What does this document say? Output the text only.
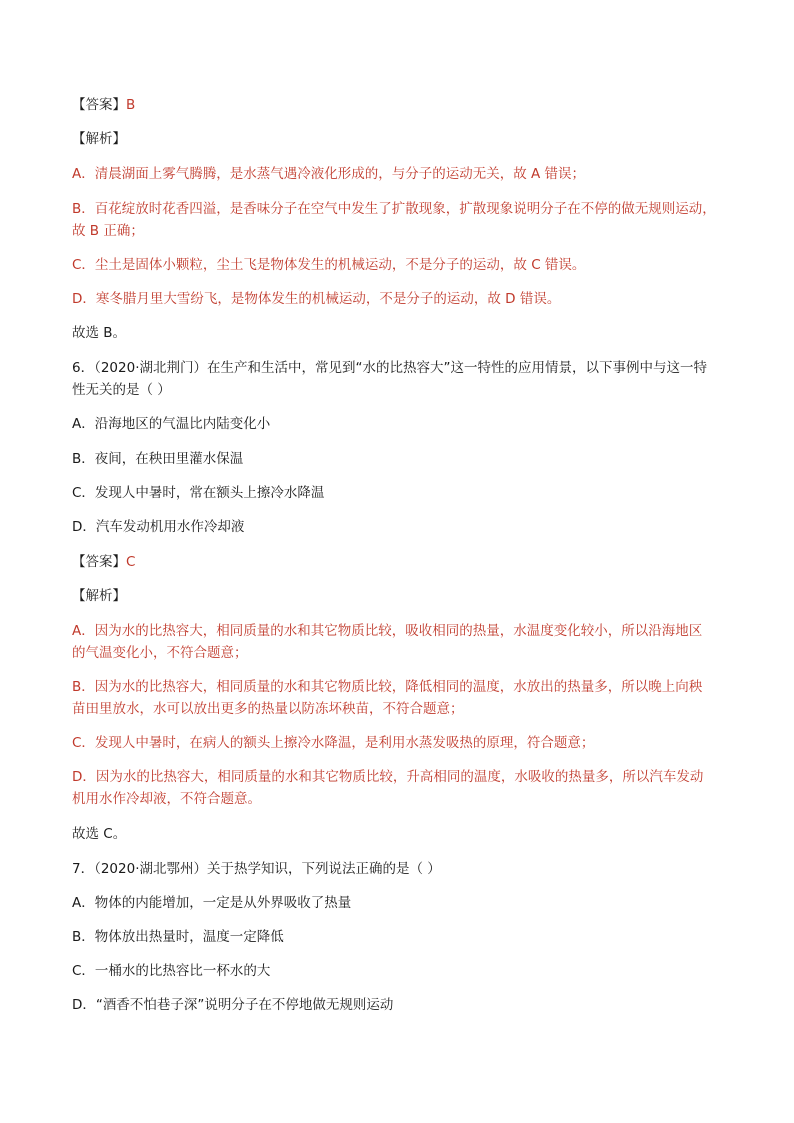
【答案】B

【解析】

A．清晨湖面上雾气腾腾，是水蒸气遇冷液化形成的，与分子的运动无关，故 A 错误；

B．百花绽放时花香四溢，是香味分子在空气中发生了扩散现象，扩散现象说明分子在不停的做无规则运动，

故 B 正确；

C．尘土是固体小颗粒，尘土飞是物体发生的机械运动，不是分子的运动，故 C 错误。

D．寒冬腊月里大雪纷飞，是物体发生的机械运动，不是分子的运动，故 D 错误。

故选 B。

6．（2020·湖北荆门）在生产和生活中，常见到“水的比热容大”这一特性的应用情景，以下事例中与这一特

性无关的是（ ）

A．沿海地区的气温比内陆变化小

B．夜间，在秧田里灌水保温

C．发现人中暑时，常在额头上擦冷水降温

D．汽车发动机用水作冷却液

【答案】C

【解析】

A．因为水的比热容大，相同质量的水和其它物质比较，吸收相同的热量，水温度变化较小，所以沿海地区

的气温变化小，不符合题意；

B．因为水的比热容大，相同质量的水和其它物质比较，降低相同的温度，水放出的热量多，所以晚上向秧

苗田里放水，水可以放出更多的热量以防冻坏秧苗，不符合题意；

C．发现人中暑时，在病人的额头上擦冷水降温，是利用水蒸发吸热的原理，符合题意；

D．因为水的比热容大，相同质量的水和其它物质比较，升高相同的温度，水吸收的热量多，所以汽车发动

机用水作冷却液，不符合题意。

故选 C。

7．（2020·湖北鄂州）关于热学知识，下列说法正确的是（ ）

A．物体的内能增加，一定是从外界吸收了热量

B．物体放出热量时，温度一定降低

C．一桶水的比热容比一杯水的大

D．“酒香不怕巷子深”说明分子在不停地做无规则运动
